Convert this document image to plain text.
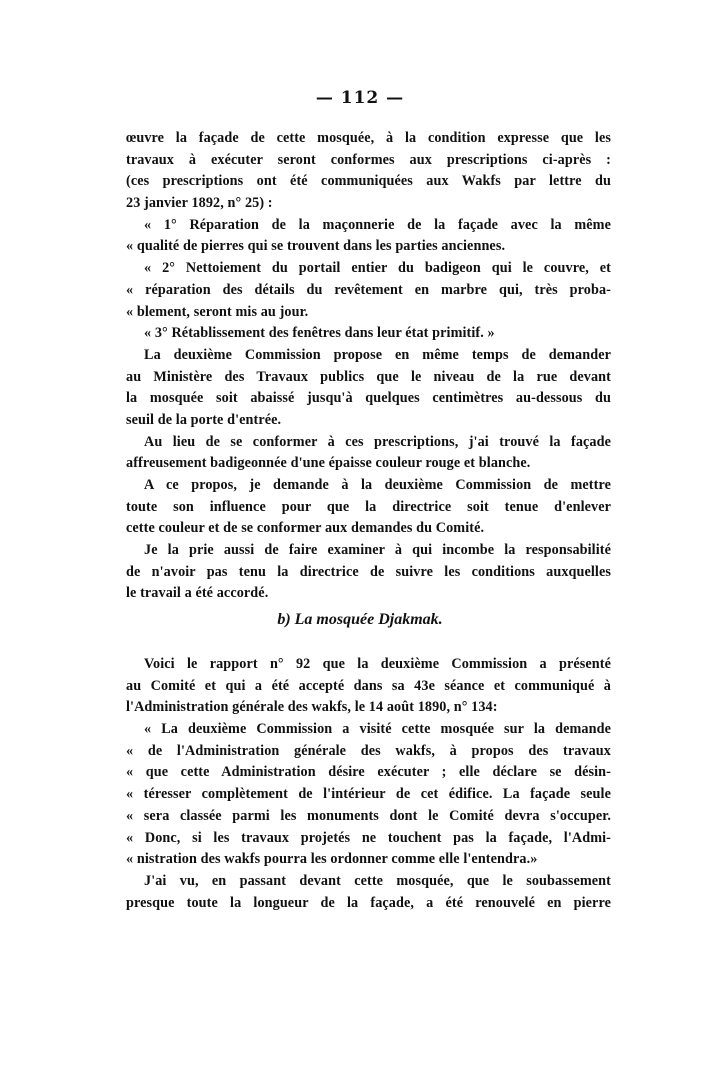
— 112 —
œuvre la façade de cette mosquée, à la condition expresse que les
travaux à exécuter seront conformes aux prescriptions ci-après :
(ces prescriptions ont été communiquées aux Wakfs par lettre du
23 janvier 1892, n° 25) :
« 1° Réparation de la maçonnerie de la façade avec la même
« qualité de pierres qui se trouvent dans les parties anciennes.
« 2° Nettoiement du portail entier du badigeon qui le couvre, et
« réparation des détails du revêtement en marbre qui, très proba-
« blement, seront mis au jour.
« 3° Rétablissement des fenêtres dans leur état primitif. »
La deuxième Commission propose en même temps de demander
au Ministère des Travaux publics que le niveau de la rue devant
la mosquée soit abaissé jusqu'à quelques centimètres au-dessous du
seuil de la porte d'entrée.
Au lieu de se conformer à ces prescriptions, j'ai trouvé la façade
affreusement badigeonnée d'une épaisse couleur rouge et blanche.
A ce propos, je demande à la deuxième Commission de mettre
toute son influence pour que la directrice soit tenue d'enlever
cette couleur et de se conformer aux demandes du Comité.
Je la prie aussi de faire examiner à qui incombe la responsabilité
de n'avoir pas tenu la directrice de suivre les conditions auxquelles
le travail a été accordé.
b) La mosquée Djakmak.
Voici le rapport n° 92 que la deuxième Commission a présenté
au Comité et qui a été accepté dans sa 43e séance et communiqué à
l'Administration générale des wakfs, le 14 août 1890, n° 134:
« La deuxième Commission a visité cette mosquée sur la demande
« de l'Administration générale des wakfs, à propos des travaux
« que cette Administration désire exécuter ; elle déclare se désin-
« téresser complètement de l'intérieur de cet édifice. La façade seule
« sera classée parmi les monuments dont le Comité devra s'occuper.
« Donc, si les travaux projetés ne touchent pas la façade, l'Admi-
« nistration des wakfs pourra les ordonner comme elle l'entendra.»
J'ai vu, en passant devant cette mosquée, que le soubassement
presque toute la longueur de la façade, a été renouvelé en pierre
